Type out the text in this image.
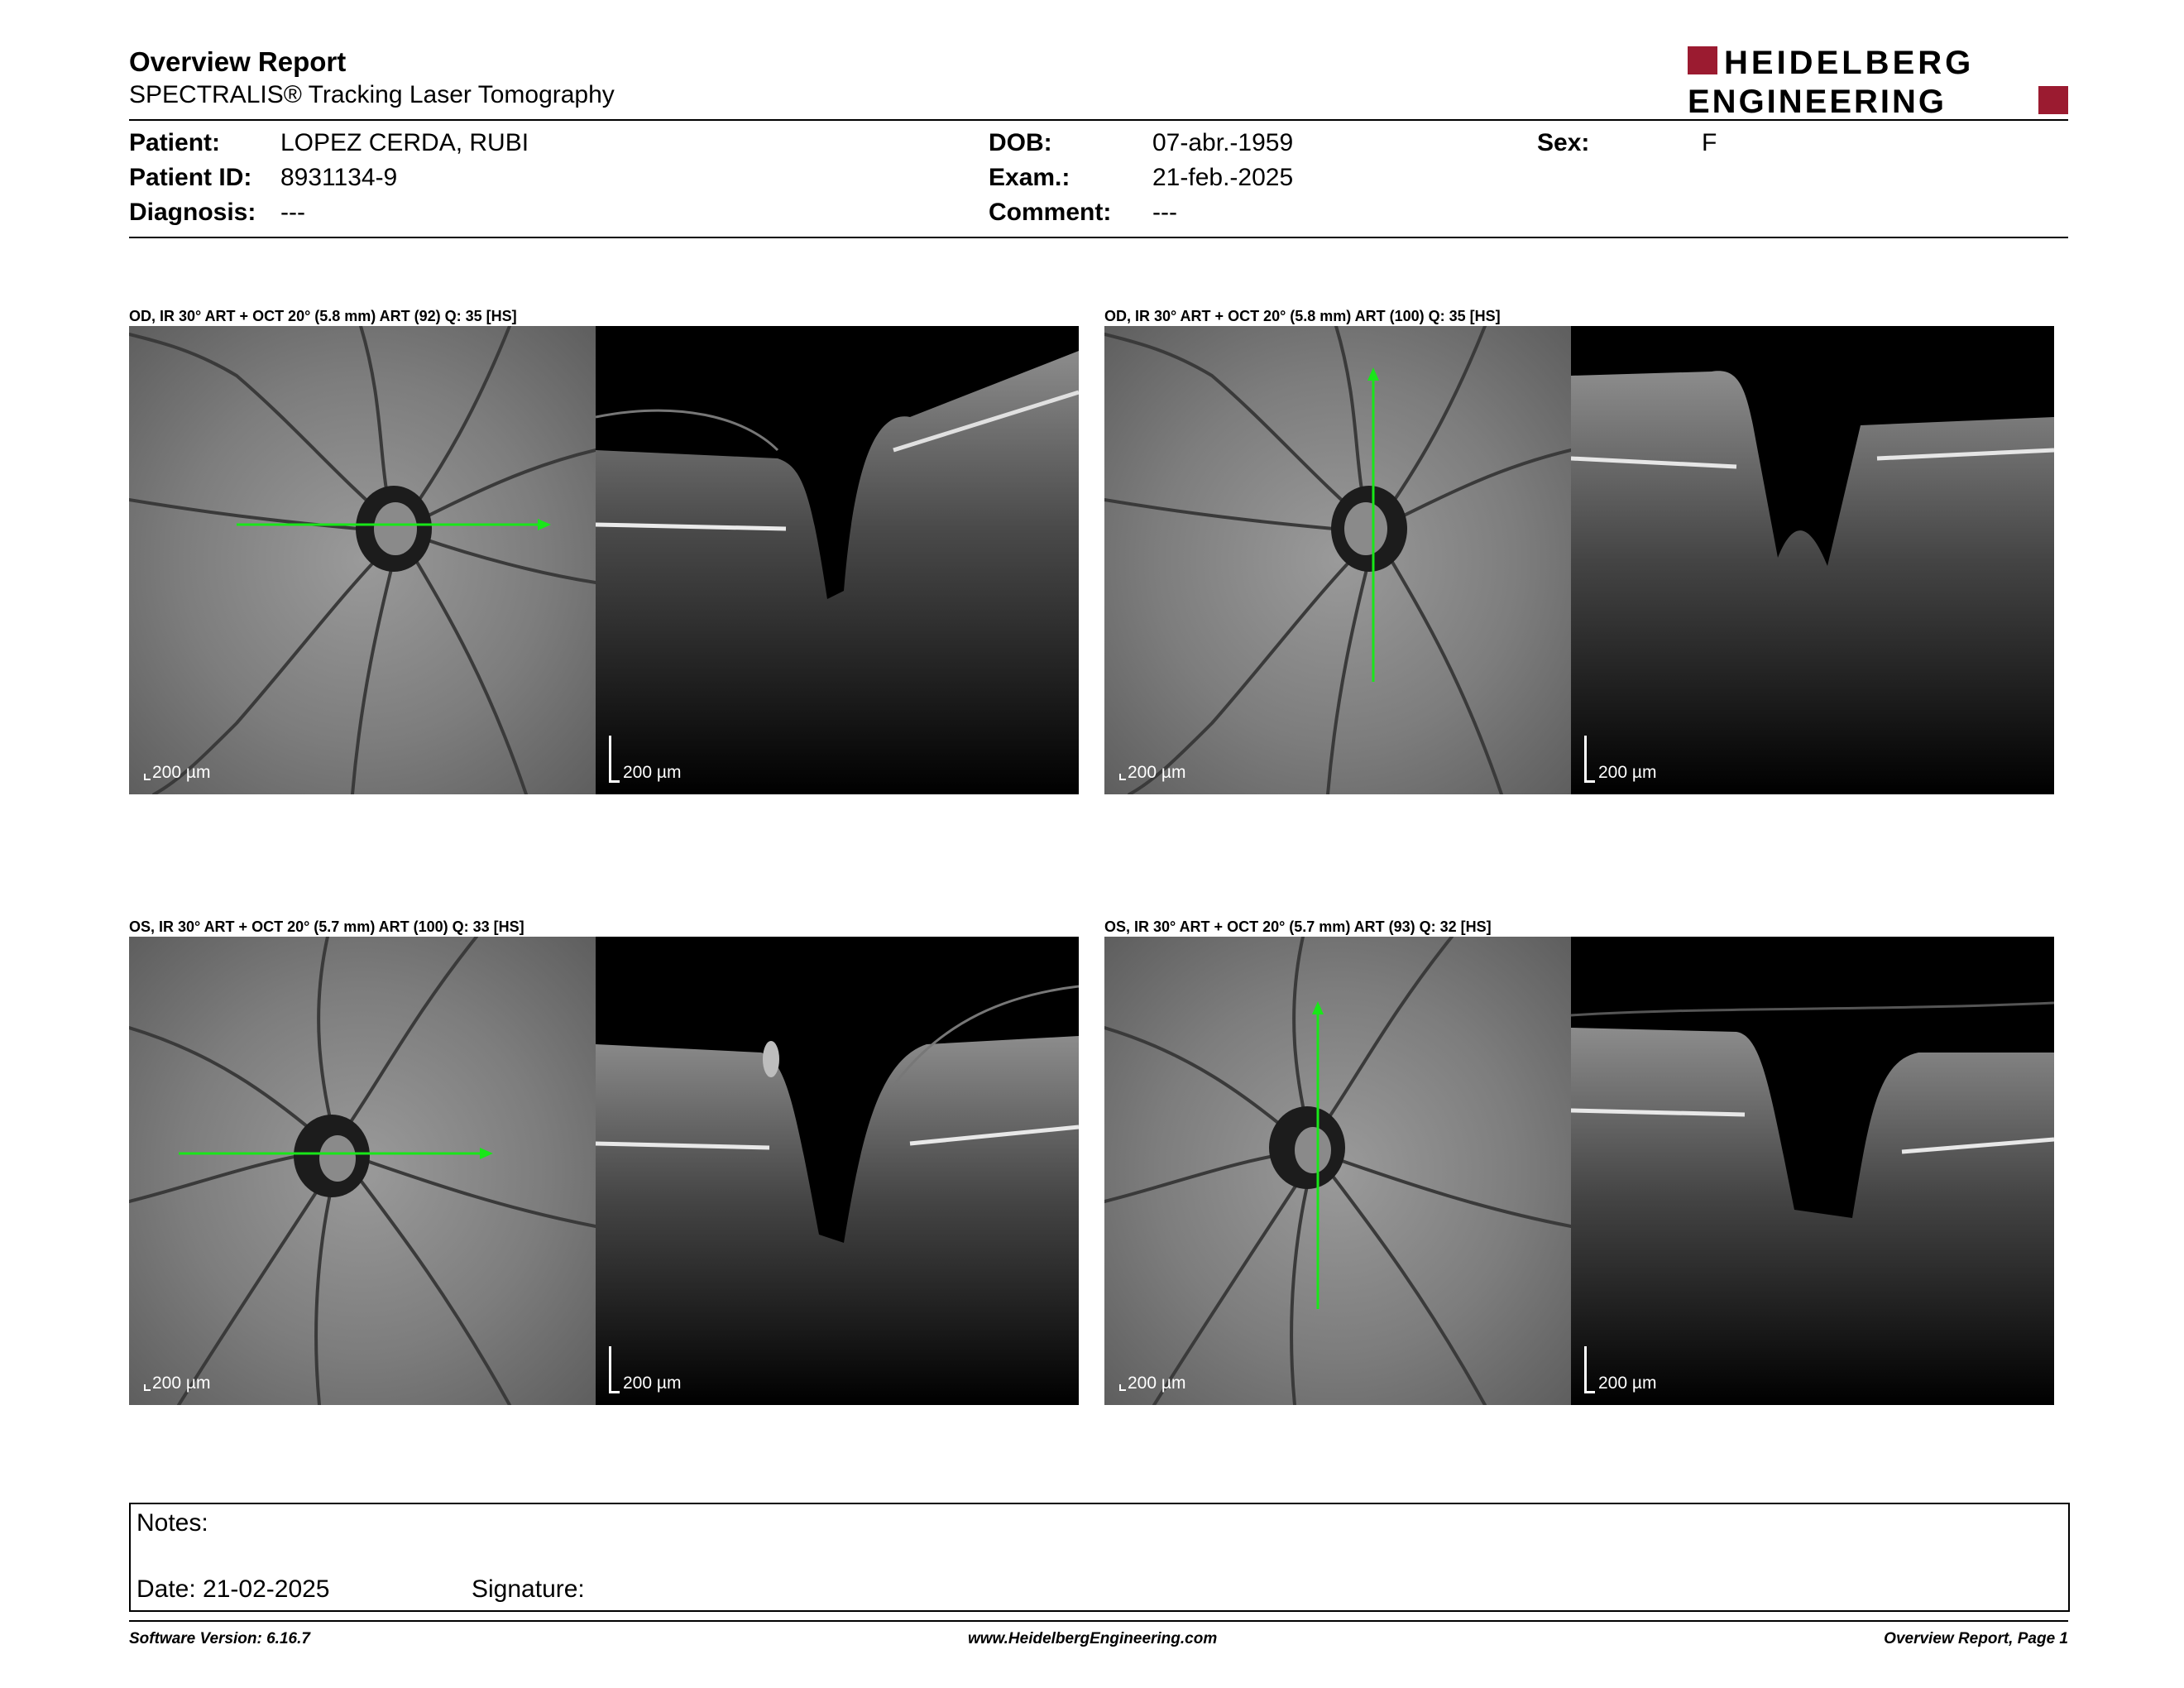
Overview Report
SPECTRALIS® Tracking Laser Tomography
HEIDELBERG
ENGINEERING
Patient: LOPEZ CERDA, RUBI
Patient ID: 8931134-9
Diagnosis: ---
DOB:	07-abr.-1959
Exam.:	21-feb.-2025
Comment: ---
Sex:	F
OD, IR 30° ART + OCT 20° (5.8 mm) ART (92) Q: 35 [HS]	OD, IR 30° ART + OCT 20° (5.8 mm) ART (100) Q: 35 [HS]
OS, IR 30° ART + OCT 20° (5.7 mm) ART (100) Q: 33 [HS]	OS, IR 30° ART + OCT 20° (5.7 mm) ART (93) Q: 32 [HS]
200 µm	200 µm	200 µm	200 µm
200 µm	200 µm	200 µm	200 µm
Notes:
Date: 21-02-2025	Signature:
Software Version: 6.16.7	www.HeidelbergEngineering.com	Overview Report, Page 1
